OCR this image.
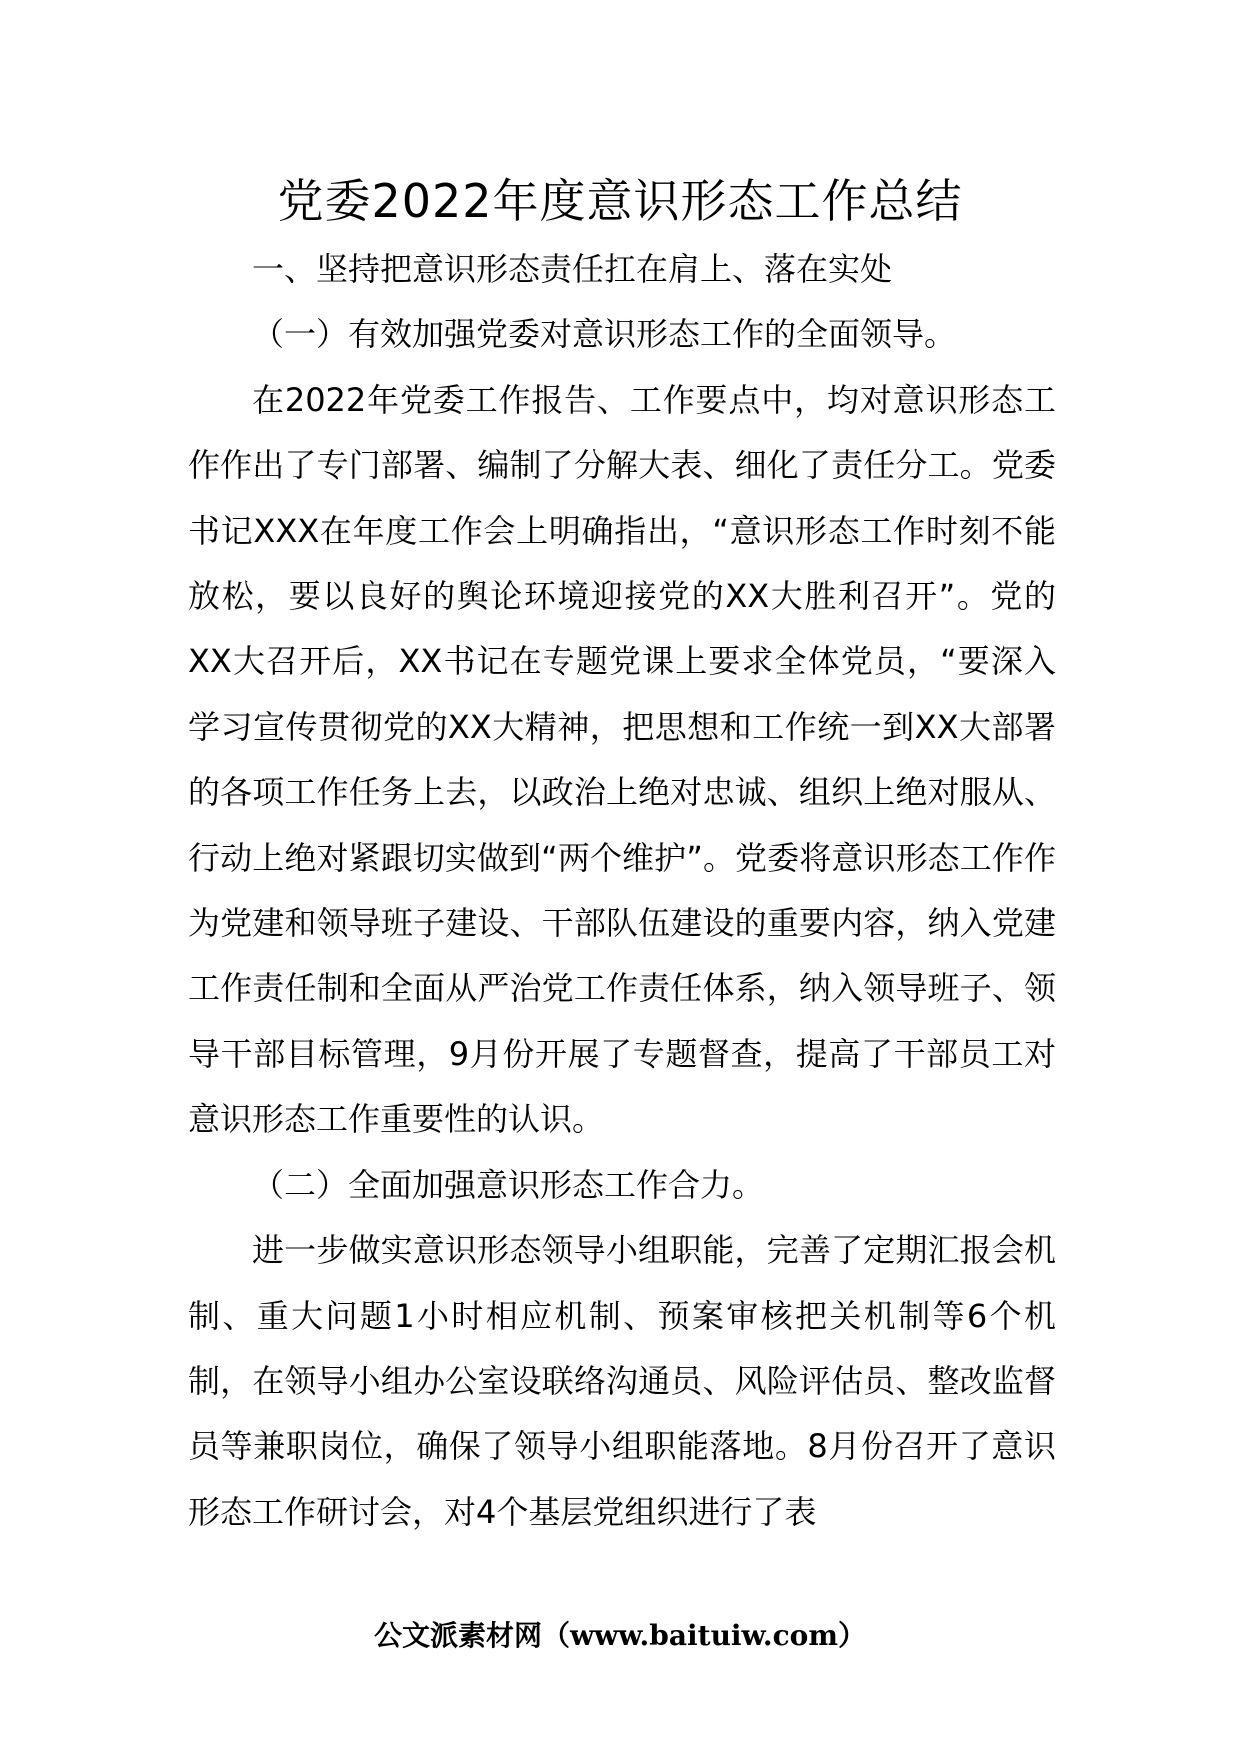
党委2022年度意识形态工作总结

一、坚持把意识形态责任扛在肩上、落在实处

（一）有效加强党委对意识形态工作的全面领导。

在2022年党委工作报告、工作要点中，均对意识形态工作作出了专门部署、编制了分解大表、细化了责任分工。党委书记XXX在年度工作会上明确指出，“意识形态工作时刻不能放松，要以良好的舆论环境迎接党的XX大胜利召开”。党的XX大召开后，XX书记在专题党课上要求全体党员，“要深入学习宣传贯彻党的XX大精神，把思想和工作统一到XX大部署的各项工作任务上去，以政治上绝对忠诚、组织上绝对服从、行动上绝对紧跟切实做到“两个维护”。党委将意识形态工作作为党建和领导班子建设、干部队伍建设的重要内容，纳入党建工作责任制和全面从严治党工作责任体系，纳入领导班子、领导干部目标管理，9月份开展了专题督查，提高了干部员工对意识形态工作重要性的认识。

（二）全面加强意识形态工作合力。

进一步做实意识形态领导小组职能，完善了定期汇报会机制、重大问题1小时相应机制、预案审核把关机制等6个机制，在领导小组办公室设联络沟通员、风险评估员、整改监督员等兼职岗位，确保了领导小组职能落地。8月份召开了意识形态工作研讨会，对4个基层党组织进行了表

公文派素材网（www.baituiw.com）
